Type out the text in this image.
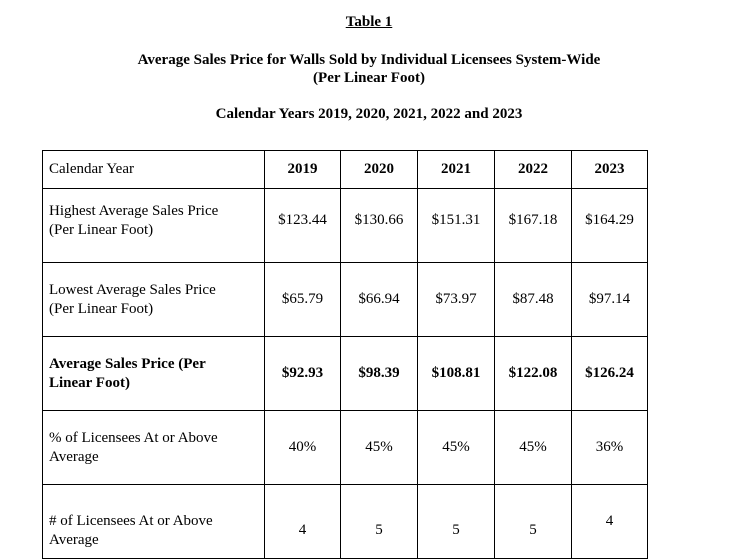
Table 1
Average Sales Price for Walls Sold by Individual Licensees System-Wide
(Per Linear Foot)
Calendar Years 2019, 2020, 2021, 2022 and 2023
Calendar Year	2019	2020	2021	2022	2023
Highest Average Sales Price
(Per Linear Foot)	$123.44	$130.66	$151.31	$167.18	$164.29
Lowest Average Sales Price
(Per Linear Foot)	$65.79	$66.94	$73.97	$87.48	$97.14
Average Sales Price (Per
Linear Foot)	$92.93	$98.39	$108.81	$122.08	$126.24
% of Licensees At or Above
Average	40%	45%	45%	45%	36%
# of Licensees At or Above
Average	4	5	5	5	4
